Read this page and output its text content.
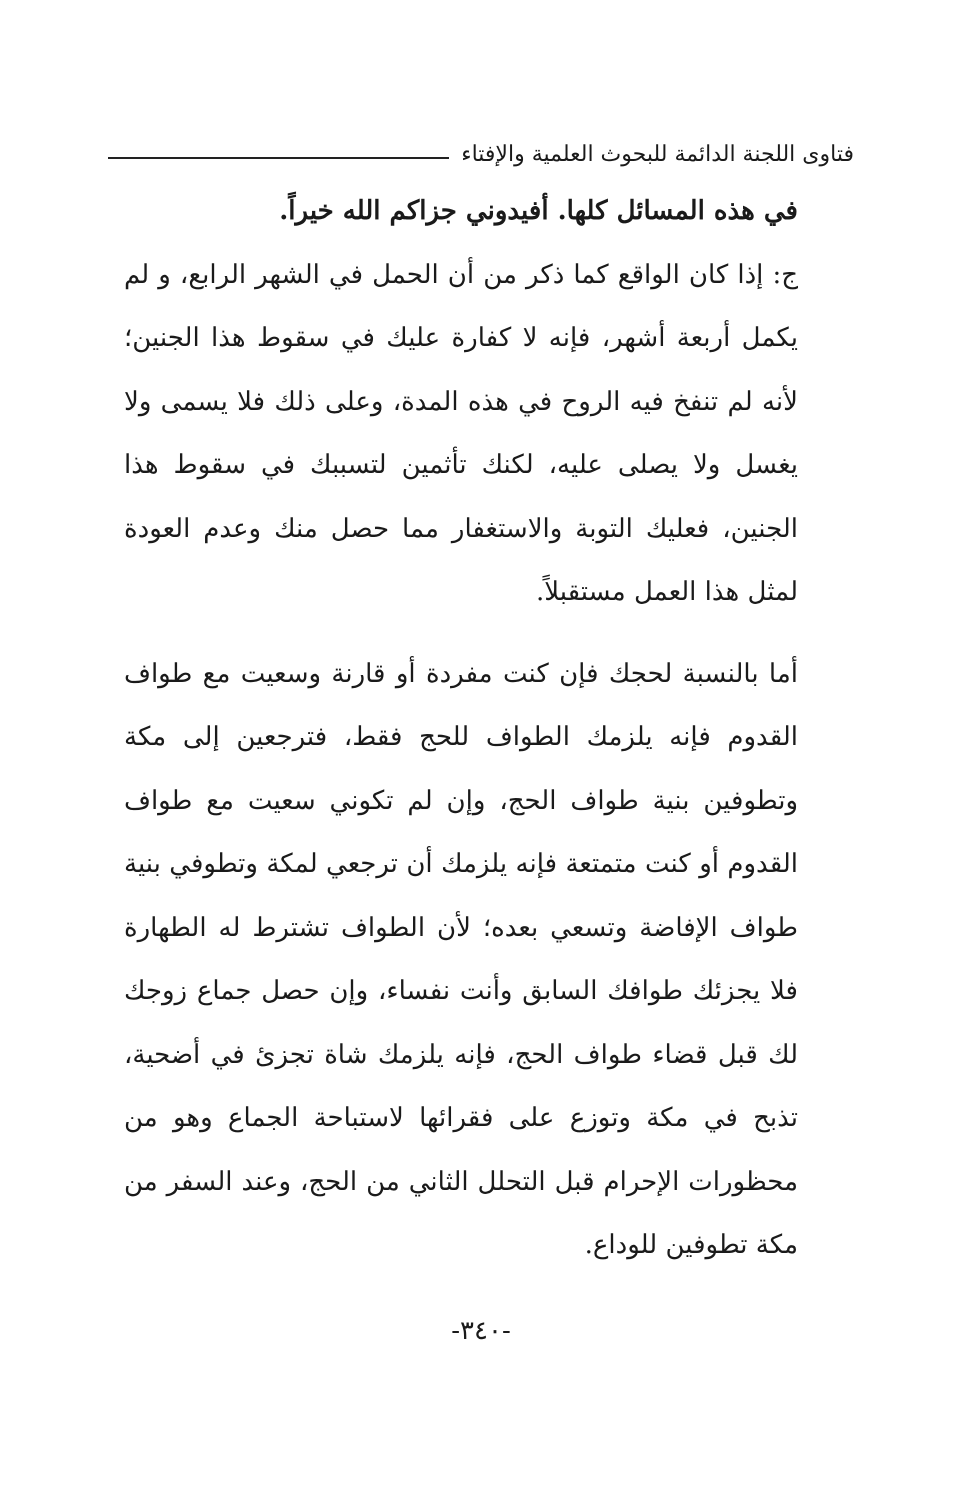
فتاوى اللجنة الدائمة للبحوث العلمية والإفتاء

في هذه المسائل كلها. أفيدوني جزاكم الله خيراً.

ج: إذا كان الواقع كما ذكر من أن الحمل في الشهر الرابع، و لم يكمل أربعة أشهر، فإنه لا كفارة عليك في سقوط هذا الجنين؛ لأنه لم تنفخ فيه الروح في هذه المدة، وعلى ذلك فلا يسمى ولا يغسل ولا يصلى عليه، لكنك تأثمين لتسببك في سقوط هذا الجنين، فعليك التوبة والاستغفار مما حصل منك وعدم العودة لمثل هذا العمل مستقبلاً.

أما بالنسبة لحجك فإن كنت مفردة أو قارنة وسعيت مع طواف القدوم فإنه يلزمك الطواف للحج فقط، فترجعين إلى مكة وتطوفين بنية طواف الحج، وإن لم تكوني سعيت مع طواف القدوم أو كنت متمتعة فإنه يلزمك أن ترجعي لمكة وتطوفي بنية طواف الإفاضة وتسعي بعده؛ لأن الطواف تشترط له الطهارة فلا يجزئك طوافك السابق وأنت نفساء، وإن حصل جماع زوجك لك قبل قضاء طواف الحج، فإنه يلزمك شاة تجزئ في أضحية، تذبح في مكة وتوزع على فقرائها لاستباحة الجماع وهو من محظورات الإحرام قبل التحلل الثاني من الحج، وعند السفر من مكة تطوفين للوداع.

-٣٤٠-
